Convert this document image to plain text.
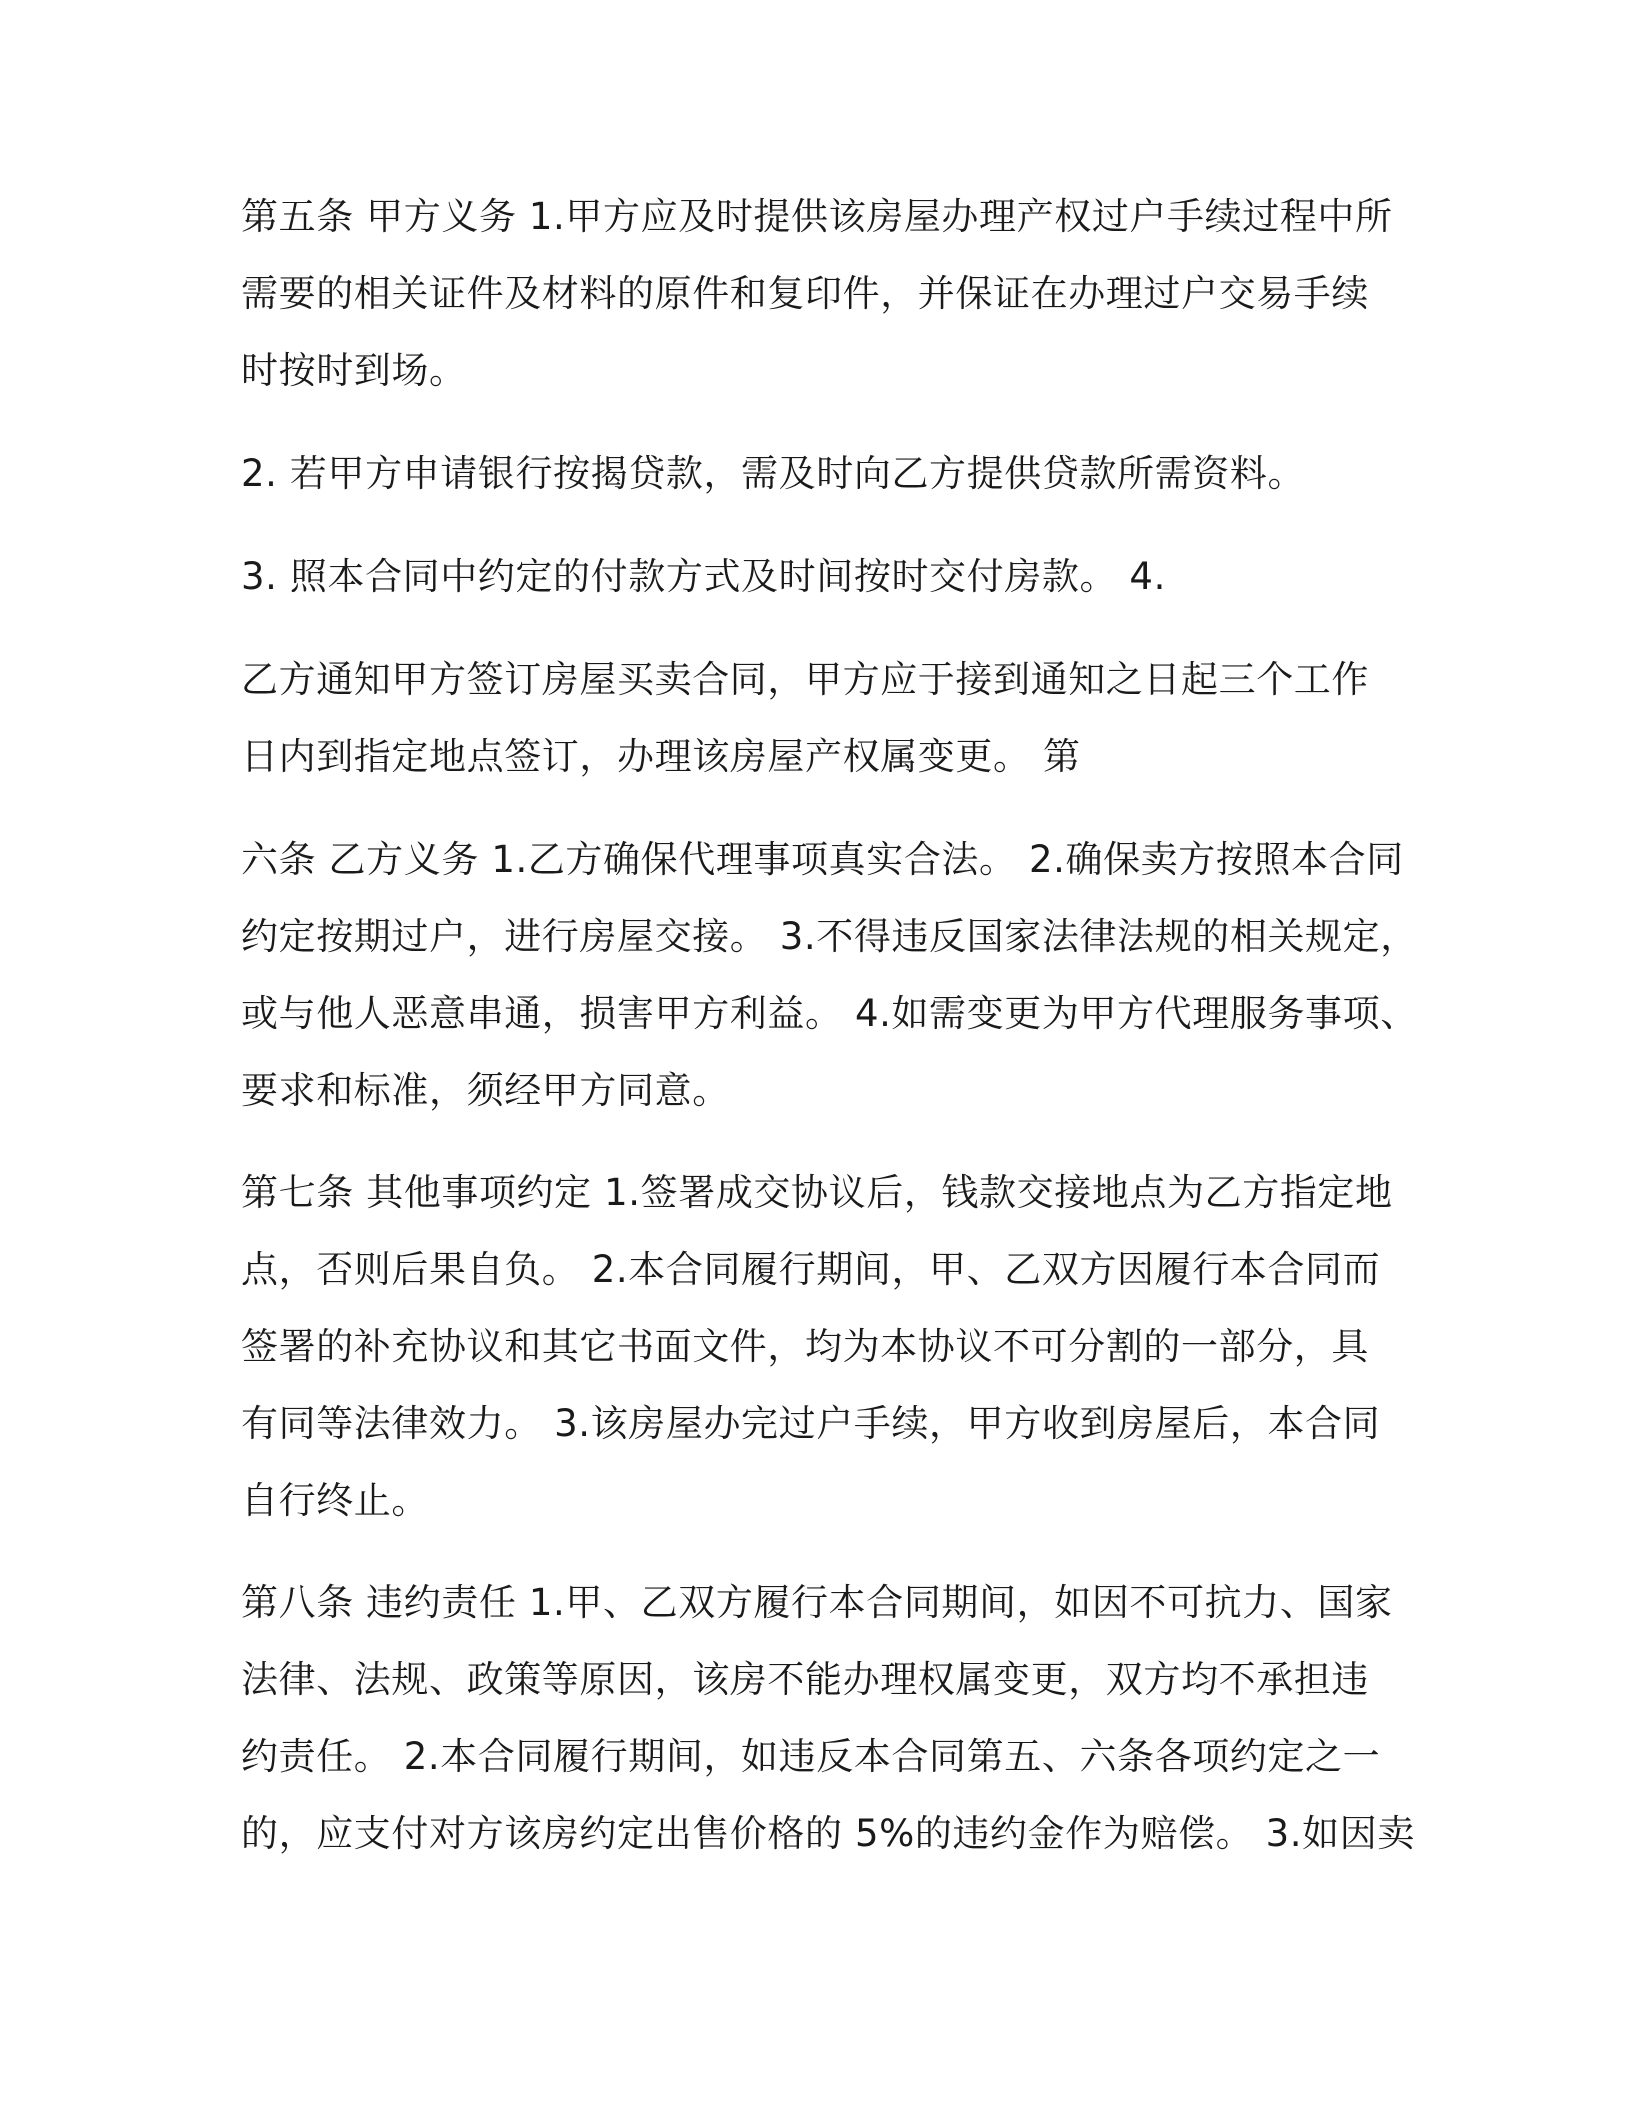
第五条 甲方义务 1.甲方应及时提供该房屋办理产权过户手续过程中所
需要的相关证件及材料的原件和复印件，并保证在办理过户交易手续
时按时到场。
2. 若甲方申请银行按揭贷款，需及时向乙方提供贷款所需资料。
3. 照本合同中约定的付款方式及时间按时交付房款。 4.
乙方通知甲方签订房屋买卖合同，甲方应于接到通知之日起三个工作
日内到指定地点签订，办理该房屋产权属变更。 第
六条 乙方义务 1.乙方确保代理事项真实合法。 2.确保卖方按照本合同
约定按期过户，进行房屋交接。 3.不得违反国家法律法规的相关规定，
或与他人恶意串通，损害甲方利益。 4.如需变更为甲方代理服务事项、
要求和标准，须经甲方同意。
第七条 其他事项约定 1.签署成交协议后，钱款交接地点为乙方指定地
点，否则后果自负。 2.本合同履行期间，甲、乙双方因履行本合同而
签署的补充协议和其它书面文件，均为本协议不可分割的一部分，具
有同等法律效力。 3.该房屋办完过户手续，甲方收到房屋后，本合同
自行终止。
第八条 违约责任 1.甲、乙双方履行本合同期间，如因不可抗力、国家
法律、法规、政策等原因，该房不能办理权属变更，双方均不承担违
约责任。 2.本合同履行期间，如违反本合同第五、六条各项约定之一
的，应支付对方该房约定出售价格的 5%的违约金作为赔偿。 3.如因卖
